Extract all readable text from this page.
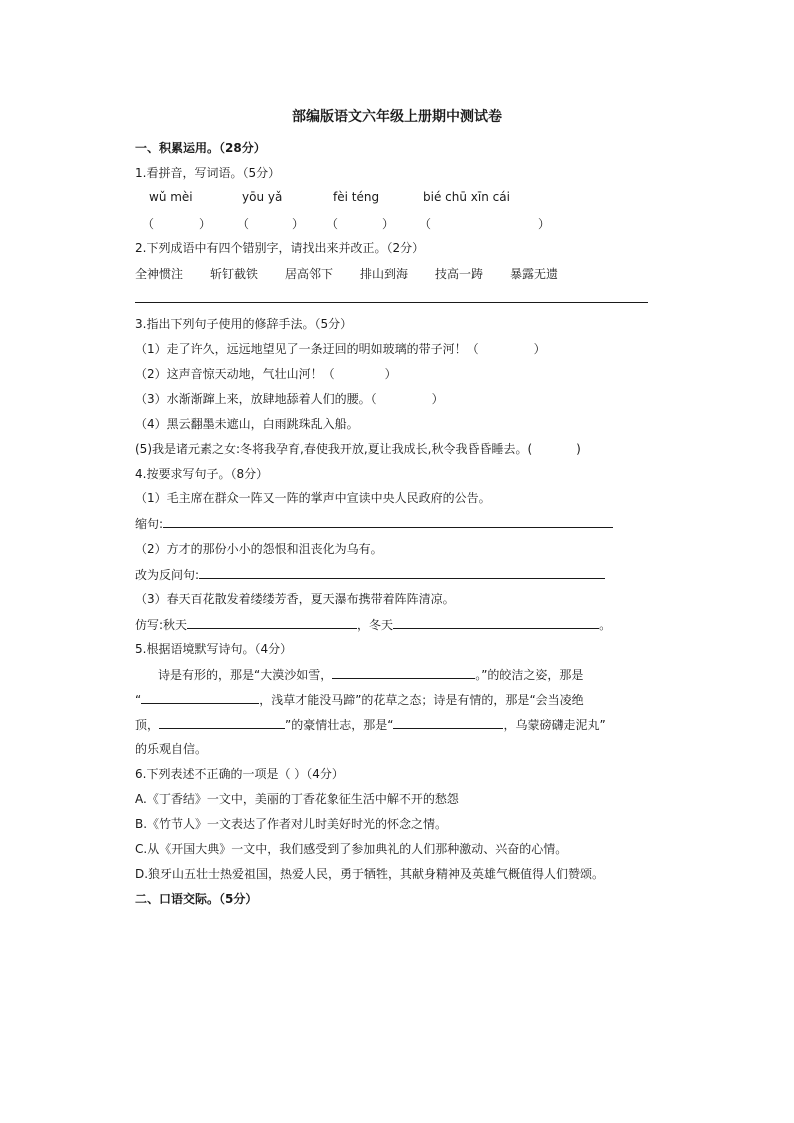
部编版语文六年级上册期中测试卷
一、积累运用。（28分）
1.看拼音，写词语。（5分）
wǔ mèi	yōu yǎ	fèi téng	bié chū xīn cái
（	） （	） （	） （	）
2.下列成语中有四个错别字，请找出来并改正。（2分）
全神惯注 斩钉截铁 居高邻下 排山到海 技高一踌 暴露无遗
3.指出下列句子使用的修辞手法。（5分）
（1）走了许久，远远地望见了一条迂回的明如玻璃的带子河！（	）
（2）这声音惊天动地，气壮山河！（	）
（3）水渐渐蹿上来，放肆地舔着人们的腰。（	）
（4）黑云翻墨未遮山，白雨跳珠乱入船。
(5)我是诸元素之女:冬将我孕育,春使我开放,夏让我成长,秋令我昏昏睡去。(	)
4.按要求写句子。（8分）
（1）毛主席在群众一阵又一阵的掌声中宣读中央人民政府的公告。
缩句:
（2）方才的那份小小的怨恨和沮丧化为乌有。
改为反问句:
（3）春天百花散发着缕缕芳香，夏天瀑布携带着阵阵清凉。
仿写:秋天	，冬天	。
5.根据语境默写诗句。（4分）
诗是有形的，那是“大漠沙如雪，	。”的皎洁之姿，那是
“	，浅草才能没马蹄”的花草之态；诗是有情的，那是“会当凌绝
顶，	”的豪情壮志，那是“	，乌蒙磅礴走泥丸”
的乐观自信。
6.下列表述不正确的一项是（ ）（4分）
A.《丁香结》一文中，美丽的丁香花象征生活中解不开的愁怨
B.《竹节人》一文表达了作者对儿时美好时光的怀念之情。
C.从《开国大典》一文中，我们感受到了参加典礼的人们那种激动、兴奋的心情。
D.狼牙山五壮士热爱祖国，热爱人民，勇于牺牲，其献身精神及英雄气概值得人们赞颂。
二、口语交际。（5分）
